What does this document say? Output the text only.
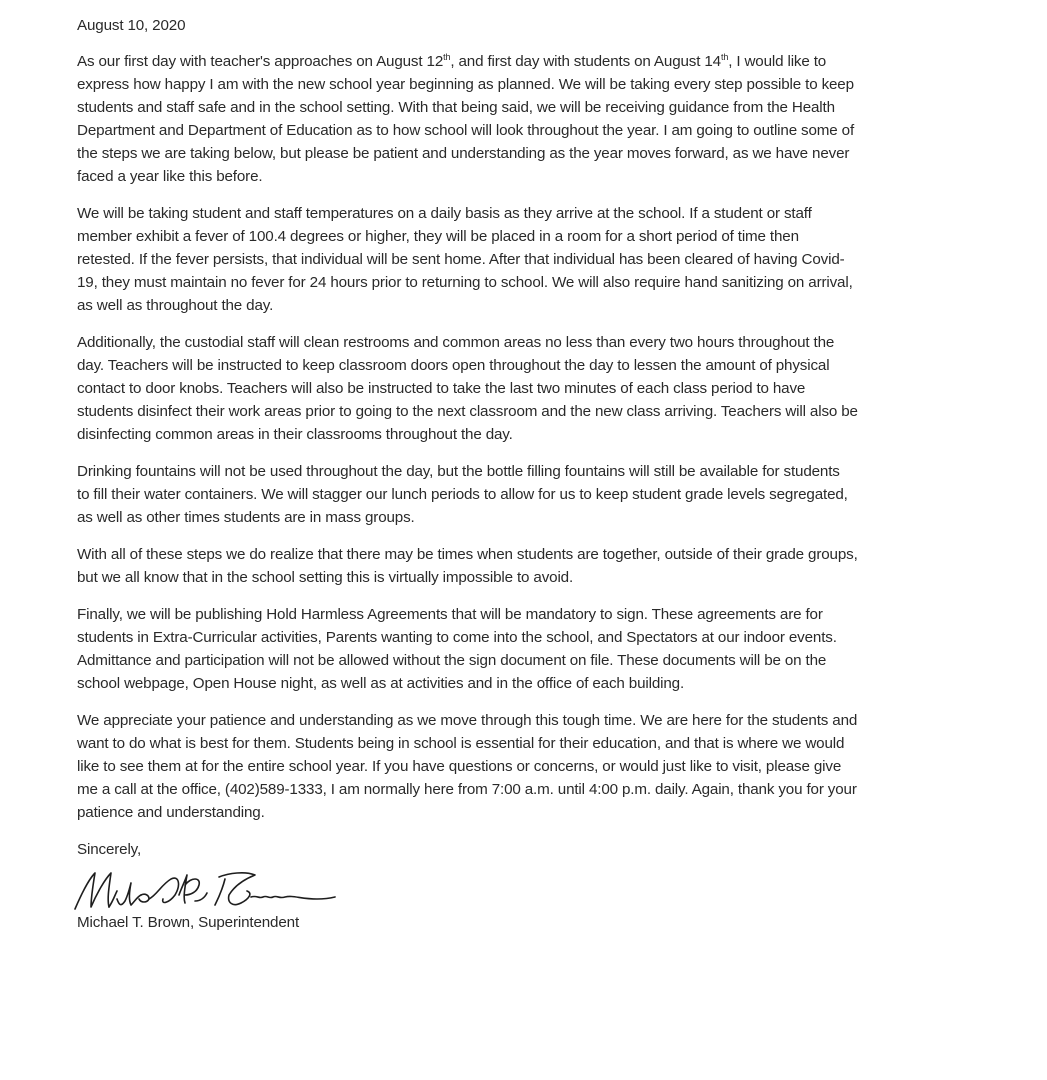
August 10, 2020
As our first day with teacher's approaches on August 12th, and first day with students on August 14th, I would like to
express how happy I am with the new school year beginning as planned. We will be taking every step possible to keep
students and staff safe and in the school setting. With that being said, we will be receiving guidance from the Health
Department and Department of Education as to how school will look throughout the year. I am going to outline some of
the steps we are taking below, but please be patient and understanding as the year moves forward, as we have never
faced a year like this before.
We will be taking student and staff temperatures on a daily basis as they arrive at the school. If a student or staff
member exhibit a fever of 100.4 degrees or higher, they will be placed in a room for a short period of time then
retested. If the fever persists, that individual will be sent home. After that individual has been cleared of having Covid-
19, they must maintain no fever for 24 hours prior to returning to school. We will also require hand sanitizing on arrival,
as well as throughout the day.
Additionally, the custodial staff will clean restrooms and common areas no less than every two hours throughout the
day. Teachers will be instructed to keep classroom doors open throughout the day to lessen the amount of physical
contact to door knobs. Teachers will also be instructed to take the last two minutes of each class period to have
students disinfect their work areas prior to going to the next classroom and the new class arriving. Teachers will also be
disinfecting common areas in their classrooms throughout the day.
Drinking fountains will not be used throughout the day, but the bottle filling fountains will still be available for students
to fill their water containers. We will stagger our lunch periods to allow for us to keep student grade levels segregated,
as well as other times students are in mass groups.
With all of these steps we do realize that there may be times when students are together, outside of their grade groups,
but we all know that in the school setting this is virtually impossible to avoid.
Finally, we will be publishing Hold Harmless Agreements that will be mandatory to sign. These agreements are for
students in Extra-Curricular activities, Parents wanting to come into the school, and Spectators at our indoor events.
Admittance and participation will not be allowed without the sign document on file. These documents will be on the
school webpage, Open House night, as well as at activities and in the office of each building.
We appreciate your patience and understanding as we move through this tough time. We are here for the students and
want to do what is best for them. Students being in school is essential for their education, and that is where we would
like to see them at for the entire school year. If you have questions or concerns, or would just like to visit, please give
me a call at the office, (402)589-1333, I am normally here from 7:00 a.m. until 4:00 p.m. daily. Again, thank you for your
patience and understanding.
Sincerely,
Michael T. Brown, Superintendent
